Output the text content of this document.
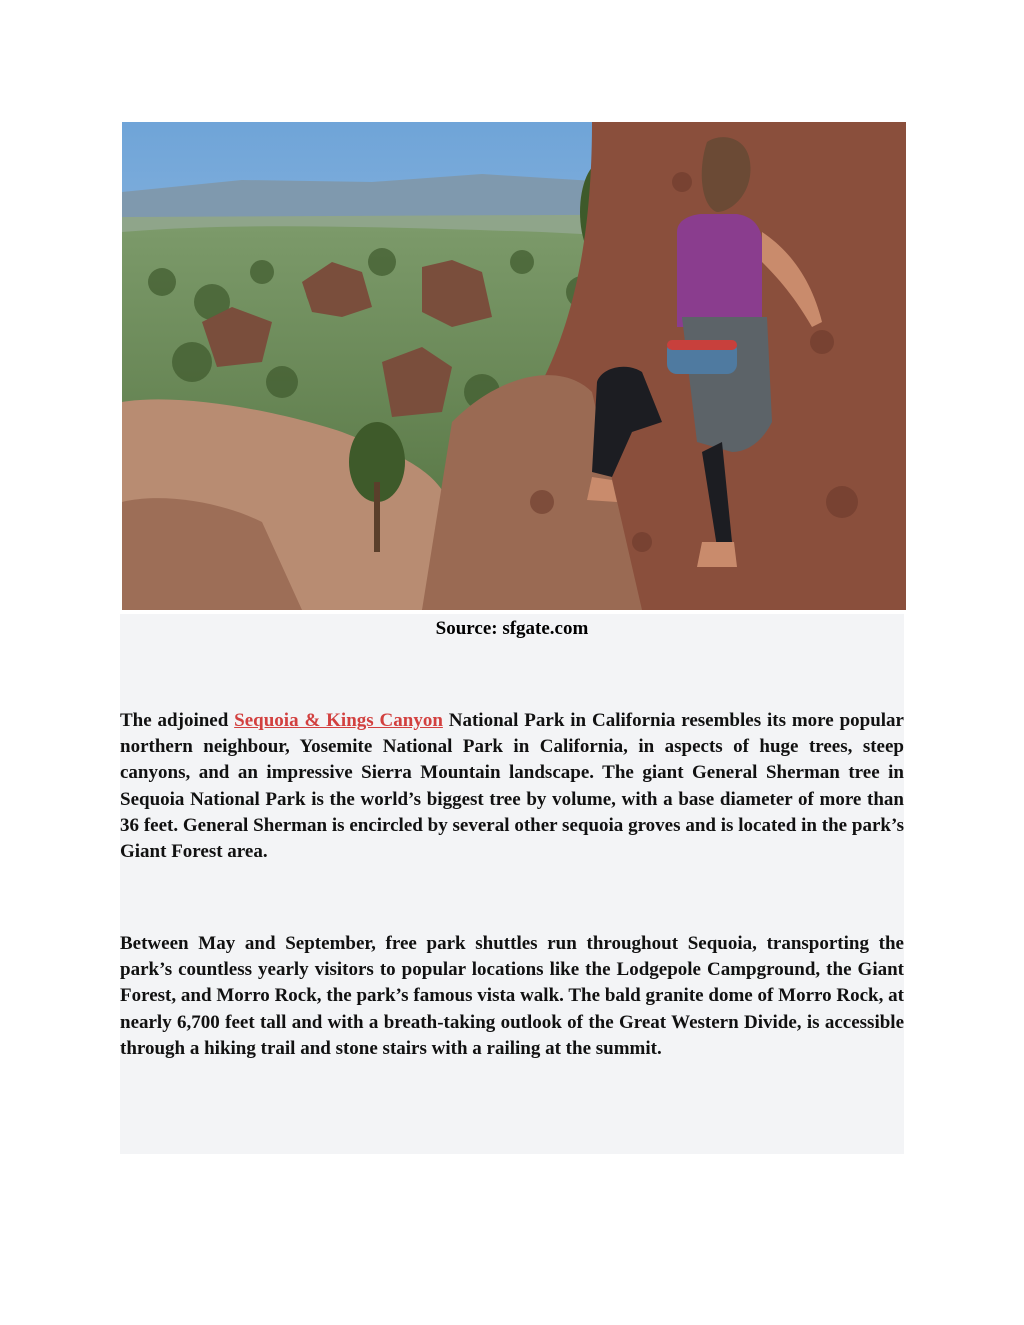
Source: sfgate.com

The adjoined Sequoia & Kings Canyon National Park in California resembles its more popular northern neighbour, Yosemite National Park in California, in aspects of huge trees, steep canyons, and an impressive Sierra Mountain landscape. The giant General Sherman tree in Sequoia National Park is the world’s biggest tree by volume, with a base diameter of more than 36 feet. General Sherman is encircled by several other sequoia groves and is located in the park’s Giant Forest area.

Between May and September, free park shuttles run throughout Sequoia, transporting the park’s countless yearly visitors to popular locations like the Lodgepole Campground, the Giant Forest, and Morro Rock, the park’s famous vista walk. The bald granite dome of Morro Rock, at nearly 6,700 feet tall and with a breath-taking outlook of the Great Western Divide, is accessible through a hiking trail and stone stairs with a railing at the summit.
